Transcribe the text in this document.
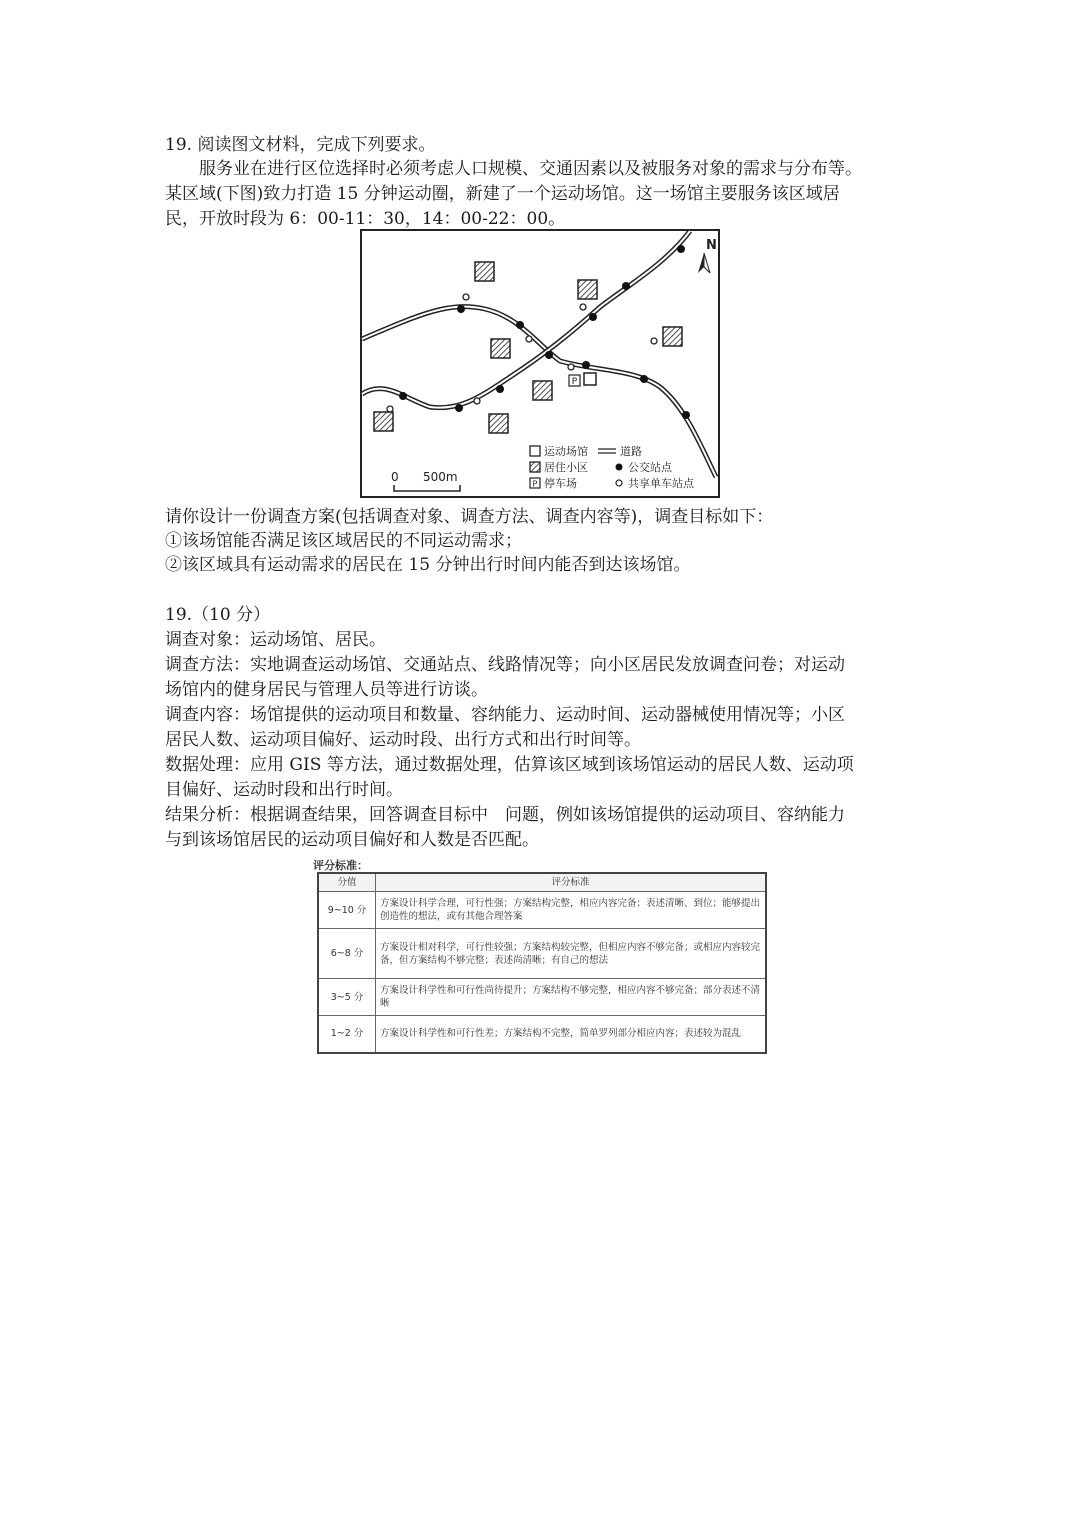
19. 阅读图文材料，完成下列要求。
服务业在进行区位选择时必须考虑人口规模、交通因素以及被服务对象的需求与分布等。
某区域(下图)致力打造 15 分钟运动圈，新建了一个运动场馆。这一场馆主要服务该区域居
民，开放时段为 6：00-11：30，14：00-22：00。
P
N
0 500m
运动场馆	道路
居住小区	公交站点
P 停车场	共享单车站点
请你设计一份调查方案(包括调查对象、调查方法、调查内容等)，调查目标如下：
①该场馆能否满足该区域居民的不同运动需求；
②该区域具有运动需求的居民在 15 分钟出行时间内能否到达该场馆。
19.（10 分）
调查对象：运动场馆、居民。
调查方法：实地调查运动场馆、交通站点、线路情况等；向小区居民发放调查问卷；对运动
场馆内的健身居民与管理人员等进行访谈。
调查内容：场馆提供的运动项目和数量、容纳能力、运动时间、运动器械使用情况等；小区
居民人数、运动项目偏好、运动时段、出行方式和出行时间等。
数据处理：应用 GIS 等方法，通过数据处理，估算该区域到该场馆运动的居民人数、运动项
目偏好、运动时段和出行时间。
结果分析：根据调查结果，回答调查目标中　问题，例如该场馆提供的运动项目、容纳能力
与到该场馆居民的运动项目偏好和人数是否匹配。
评分标准：
分值	评分标准
9~10 分	方案设计科学合理，可行性强；方案结构完整，相应内容完备；表述清晰、到位；能够提出创造性的想法，或有其他合理答案
6~8 分	方案设计相对科学，可行性较强；方案结构较完整，但相应内容不够完备；或相应内容较完备，但方案结构不够完整；表述尚清晰；有自己的想法
3~5 分	方案设计科学性和可行性尚待提升；方案结构不够完整，相应内容不够完备；部分表述不清晰
1~2 分	方案设计科学性和可行性差；方案结构不完整，简单罗列部分相应内容；表述较为混乱
